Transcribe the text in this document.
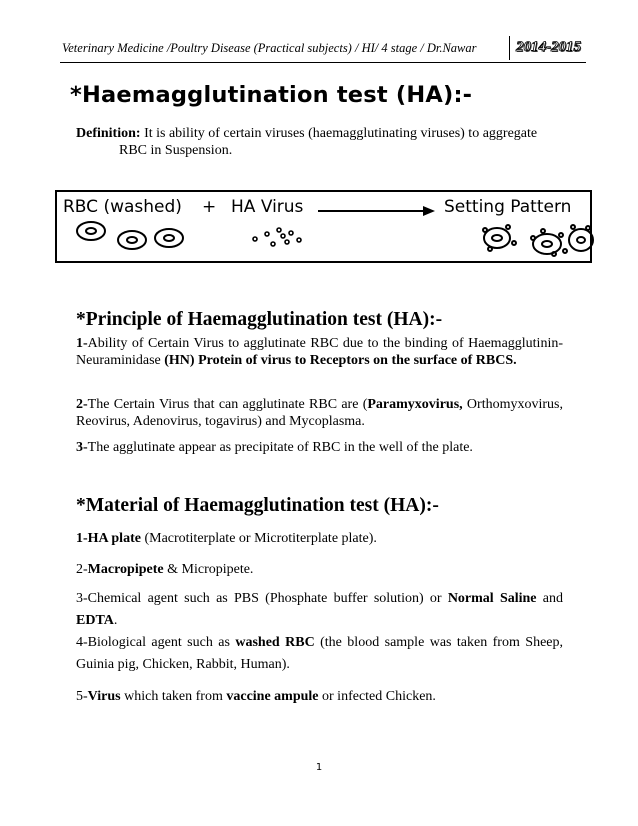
Veterinary Medicine /Poultry Disease (Practical subjects) / HI/ 4 stage / Dr.Nawar	2014-2015
*Haemagglutination test (HA):-
Definition: It is ability of certain viruses (haemagglutinating viruses) to aggregate
RBC in Suspension.
RBC (washed) + HA Virus	Setting Pattern
*Principle of Haemagglutination test (HA):-
1-Ability of Certain Virus to agglutinate RBC due to the binding of Haemagglutinin-Neuraminidase (HN) Protein of virus to Receptors on the surface of RBCS.
2-The Certain Virus that can agglutinate RBC are (Paramyxovirus, Orthomyxovirus, Reovirus, Adenovirus, togavirus) and Mycoplasma.
3-The agglutinate appear as precipitate of RBC in the well of the plate.
*Material of Haemagglutination test (HA):-
1-HA plate (Macrotiterplate or Microtiterplate plate).
2-Macropipete & Micropipete.
3-Chemical agent such as PBS (Phosphate buffer solution) or Normal Saline and EDTA.
4-Biological agent such as washed RBC (the blood sample was taken from Sheep, Guinia pig, Chicken, Rabbit, Human).
5-Virus which taken from vaccine ampule or infected Chicken.
1
